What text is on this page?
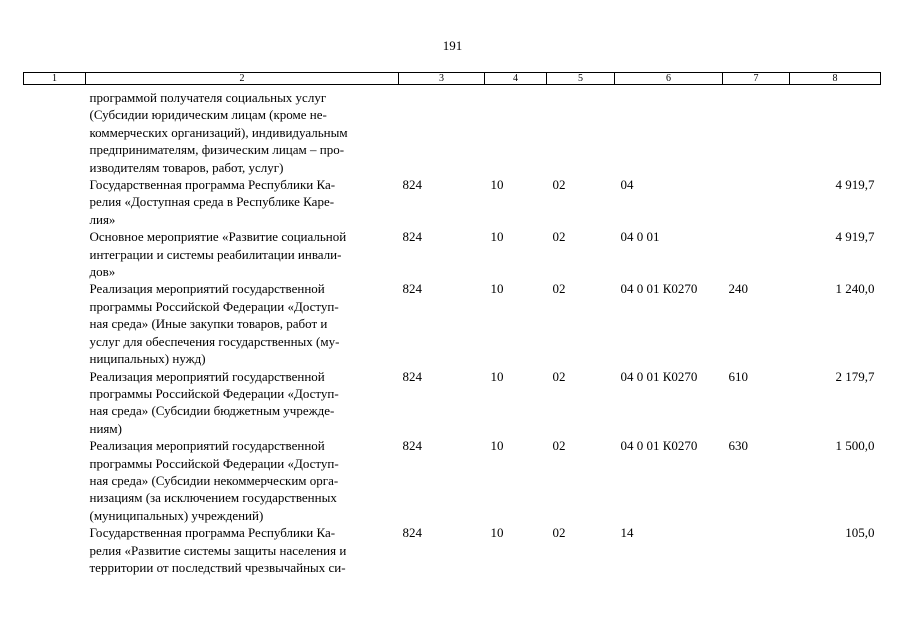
191
1	2	3	4	5	6	7	8

	программой получателя социальных услуг
(Субсидии юридическим лицам (кроме не-
коммерческих организаций), индивидуальным
предпринимателям, физическим лицам – про-
изводителям товаров, работ, услуг)						

	Государственная программа Республики Ка-
релия «Доступная среда в Республике Каре-
лия»	824	10	02	04		4 919,7

	Основное мероприятие «Развитие социальной
интеграции и системы реабилитации инвали-
дов»	824	10	02	04 0 01		4 919,7

	Реализация мероприятий государственной
программы Российской Федерации «Доступ-
ная среда» (Иные закупки товаров, работ и
услуг для обеспечения государственных (му-
ниципальных) нужд)	824	10	02	04 0 01 К0270	240	1 240,0

	Реализация мероприятий государственной
программы Российской Федерации «Доступ-
ная среда» (Субсидии бюджетным учрежде-
ниям)	824	10	02	04 0 01 К0270	610	2 179,7

	Реализация мероприятий государственной
программы Российской Федерации «Доступ-
ная среда» (Субсидии некоммерческим орга-
низациям (за исключением государственных
(муниципальных) учреждений)	824	10	02	04 0 01 К0270	630	1 500,0

	Государственная программа Республики Ка-
релия «Развитие системы защиты населения и
территории от последствий чрезвычайных си-	824	10	02	14		105,0
